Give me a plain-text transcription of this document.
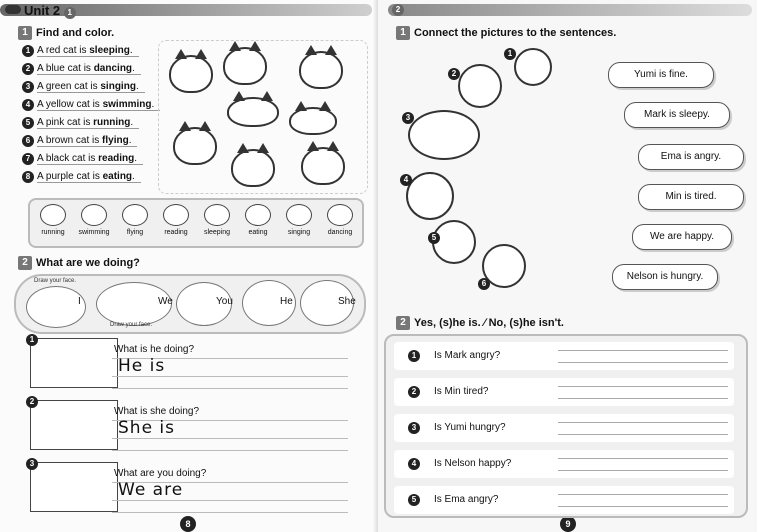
Unit 2 1
1 Find and color.
1 A red cat is sleeping.
2 A blue cat is dancing.
3 A green cat is singing.
4 A yellow cat is swimming.
5 A pink cat is running.
6 A brown cat is flying.
7 A black cat is reading.
8 A purple cat is eating.
running	swimming	flying	reading	sleeping	eating	singing	dancing
2 What are we doing?
Draw your face.
I
Draw your face.
We	You	He	She
1
What is he doing?
He is
2
What is she doing?
She is
3
What are you doing?
We are
8
2
1 Connect the pictures to the sentences.
1
2
3
4
5
6
Yumi is fine.
Mark is sleepy.
Ema is angry.
Min is tired.
We are happy.
Nelson is hungry.
2 Yes, (s)he is. ∕ No, (s)he isn't.
9
1	Is Mark angry?
2	Is Min tired?
3	Is Yumi hungry?
4	Is Nelson happy?
5	Is Ema angry?
